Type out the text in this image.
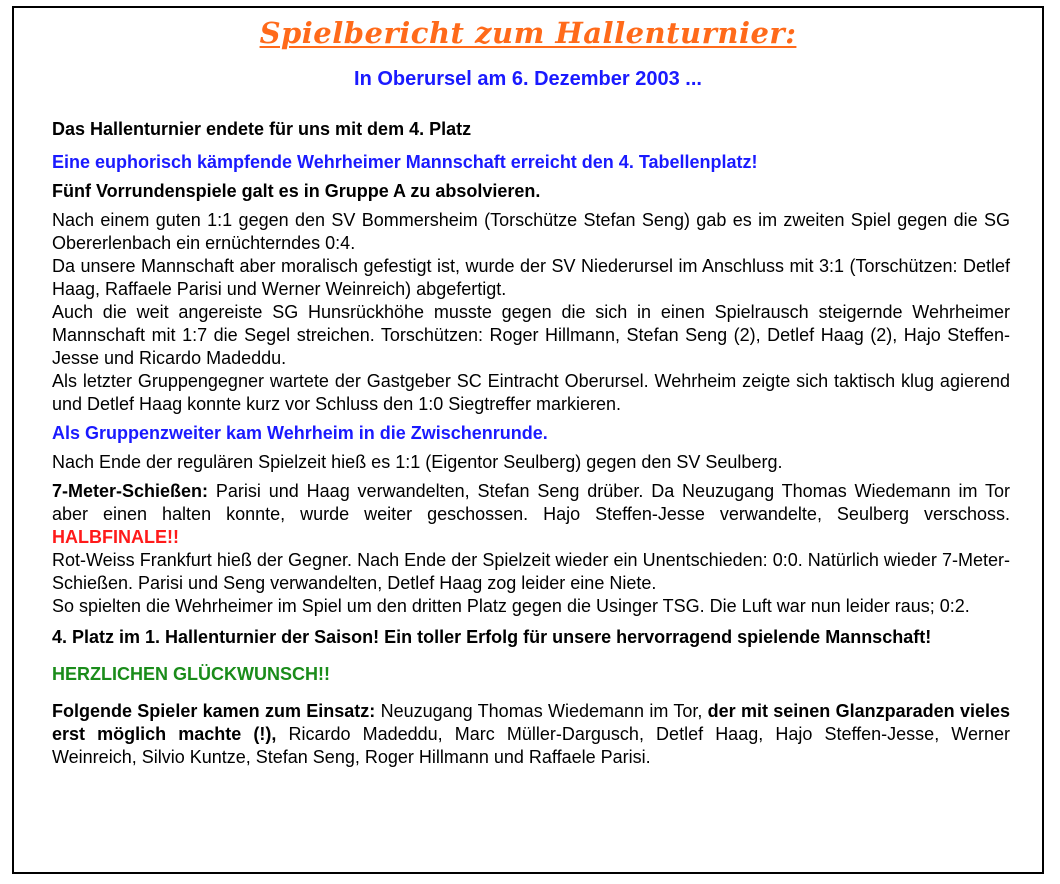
Spielbericht zum Hallenturnier:
In Oberursel am 6. Dezember 2003 ...

Das Hallenturnier endete für uns mit dem 4. Platz

Eine euphorisch kämpfende Wehrheimer Mannschaft erreicht den 4. Tabellenplatz!

Fünf Vorrundenspiele galt es in Gruppe A zu absolvieren.

Nach einem guten 1:1 gegen den SV Bommersheim (Torschütze Stefan Seng) gab es im zweiten Spiel gegen die SG Obererlenbach ein ernüchterndes 0:4.

Da unsere Mannschaft aber moralisch gefestigt ist, wurde der SV Niederursel im Anschluss mit 3:1 (Torschützen: Detlef Haag, Raffaele Parisi und Werner Weinreich) abgefertigt.

Auch die weit angereiste SG Hunsrückhöhe musste gegen die sich in einen Spielrausch steigernde Wehrheimer Mannschaft mit 1:7 die Segel streichen. Torschützen: Roger Hillmann, Stefan Seng (2), Detlef Haag (2), Hajo Steffen-Jesse und Ricardo Madeddu.

Als letzter Gruppengegner wartete der Gastgeber SC Eintracht Oberursel. Wehrheim zeigte sich taktisch klug agierend und Detlef Haag konnte kurz vor Schluss den 1:0 Siegtreffer markieren.

Als Gruppenzweiter kam Wehrheim in die Zwischenrunde.

Nach Ende der regulären Spielzeit hieß es 1:1 (Eigentor Seulberg) gegen den SV Seulberg.

7-Meter-Schießen: Parisi und Haag verwandelten, Stefan Seng drüber. Da Neuzugang Thomas Wiedemann im Tor aber einen halten konnte, wurde weiter geschossen. Hajo Steffen-Jesse verwandelte, Seulberg verschoss. HALBFINALE!!

Rot-Weiss Frankfurt hieß der Gegner. Nach Ende der Spielzeit wieder ein Unentschieden: 0:0. Natürlich wieder 7-Meter-Schießen. Parisi und Seng verwandelten, Detlef Haag zog leider eine Niete.

So spielten die Wehrheimer im Spiel um den dritten Platz gegen die Usinger TSG. Die Luft war nun leider raus; 0:2.

4. Platz im 1. Hallenturnier der Saison! Ein toller Erfolg für unsere hervorragend spielende Mannschaft!

HERZLICHEN GLÜCKWUNSCH!!

Folgende Spieler kamen zum Einsatz: Neuzugang Thomas Wiedemann im Tor, der mit seinen Glanzparaden vieles erst möglich machte (!), Ricardo Madeddu, Marc Müller-Dargusch, Detlef Haag, Hajo Steffen-Jesse, Werner Weinreich, Silvio Kuntze, Stefan Seng, Roger Hillmann und Raffaele Parisi.
